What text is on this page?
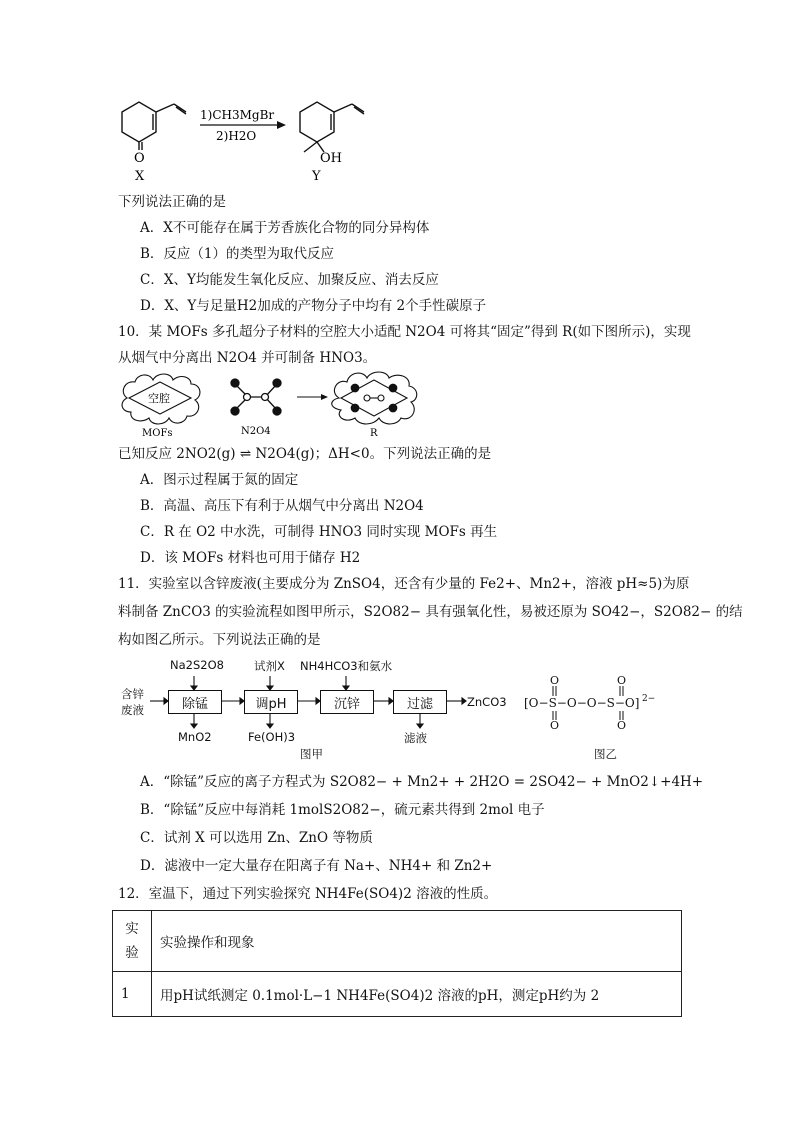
O
X
1)CH3MgBr
2)H2O
OH
Y
下列说法正确的是
A．X不可能存在属于芳香族化合物的同分异构体
B．反应（1）的类型为取代反应
C．X、Y均能发生氧化反应、加聚反应、消去反应
D．X、Y与足量H2加成的产物分子中均有 2个手性碳原子
10．某 MOFs 多孔超分子材料的空腔大小适配 N2O4 可将其“固定”得到 R(如下图所示)，实现
从烟气中分离出 N2O4 并可制备 HNO3。
空腔
MOFs	N2O4	R
已知反应 2NO2(g) ⇌ N2O4(g)；ΔH<0。下列说法正确的是
A．图示过程属于氮的固定
B．高温、高压下有利于从烟气中分离出 N2O4
C．R 在 O2 中水洗，可制得 HNO3 同时实现 MOFs 再生
D．该 MOFs 材料也可用于储存 H2
11．实验室以含锌废液(主要成分为 ZnSO4，还含有少量的 Fe2+、Mn2+，溶液 pH≈5)为原
料制备 ZnCO3 的实验流程如图甲所示，S2O82− 具有强氧化性，易被还原为 SO42−，S2O82− 的结
构如图乙所示。下列说法正确的是
含锌
废液
Na2S2O8	试剂X NH4HCO3和氨水
除锰	调pH	沉锌	过滤
MnO2	Fe(OH)3	滤液
ZnCO3
图甲
[O−S−O−O−S−O] 2−
O
O
O
O
图乙
A．“除锰”反应的离子方程式为 S2O82− + Mn2+ + 2H2O = 2SO42− + MnO2↓+4H+
B．“除锰”反应中每消耗 1molS2O82−，硫元素共得到 2mol 电子
C．试剂 X 可以选用 Zn、ZnO 等物质
D．滤液中一定大量存在阳离子有 Na+、NH4+ 和 Zn2+
12．室温下，通过下列实验探究 NH4Fe(SO4)2 溶液的性质。
实
验	实验操作和现象
1	用pH试纸测定 0.1mol·L−1 NH4Fe(SO4)2 溶液的pH，测定pH约为 2
